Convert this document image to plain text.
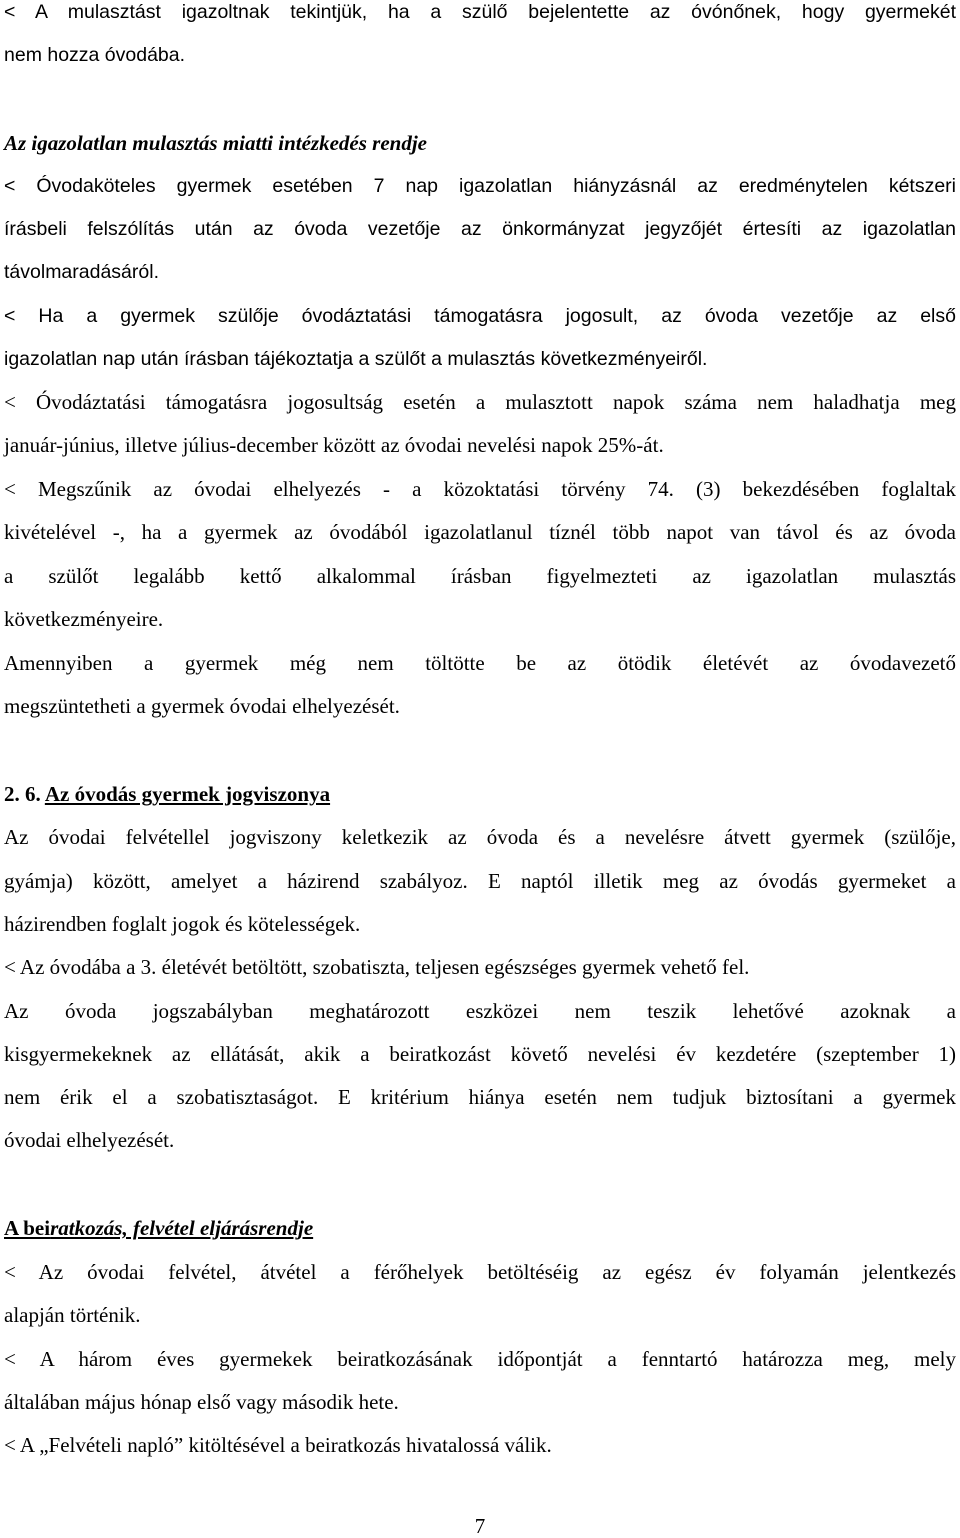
< A mulasztást igazoltnak tekintjük, ha a szülő bejelentette az óvónőnek, hogy gyermekét
nem hozza óvodába.
Az igazolatlan mulasztás miatti intézkedés rendje
< Óvodaköteles gyermek esetében 7 nap igazolatlan hiányzásnál az eredménytelen kétszeri
írásbeli felszólítás után az óvoda vezetője az önkormányzat jegyzőjét értesíti az igazolatlan
távolmaradásáról.
< Ha a gyermek szülője óvodáztatási támogatásra jogosult, az óvoda vezetője az első
igazolatlan nap után írásban tájékoztatja a szülőt a mulasztás következményeiről.
< Óvodáztatási támogatásra jogosultság esetén a mulasztott napok száma nem haladhatja meg
január-június, illetve július-december között az óvodai nevelési napok 25%-át.
< Megszűnik az óvodai elhelyezés - a közoktatási törvény 74. (3) bekezdésében foglaltak
kivételével -, ha a gyermek az óvodából igazolatlanul tíznél több napot van távol és az óvoda
a szülőt legalább kettő alkalommal írásban figyelmezteti az igazolatlan mulasztás
következményeire.
Amennyiben a gyermek még nem töltötte be az ötödik életévét az óvodavezető
megszüntetheti a gyermek óvodai elhelyezését.
2. 6. Az óvodás gyermek jogviszonya
Az óvodai felvétellel jogviszony keletkezik az óvoda és a nevelésre átvett gyermek (szülője,
gyámja) között, amelyet a házirend szabályoz. E naptól illetik meg az óvodás gyermeket a
házirendben foglalt jogok és kötelességek.
< Az óvodába a 3. életévét betöltött, szobatiszta, teljesen egészséges gyermek vehető fel.
Az óvoda jogszabályban meghatározott eszközei nem teszik lehetővé azoknak a
kisgyermekeknek az ellátását, akik a beiratkozást követő nevelési év kezdetére (szeptember 1)
nem érik el a szobatisztaságot. E kritérium hiánya esetén nem tudjuk biztosítani a gyermek
óvodai elhelyezését.
A beiratkozás, felvétel eljárásrendje
< Az óvodai felvétel, átvétel a férőhelyek betöltéséig az egész év folyamán jelentkezés
alapján történik.
< A három éves gyermekek beiratkozásának időpontját a fenntartó határozza meg, mely
általában május hónap első vagy második hete.
< A „Felvételi napló” kitöltésével a beiratkozás hivatalossá válik.
7
